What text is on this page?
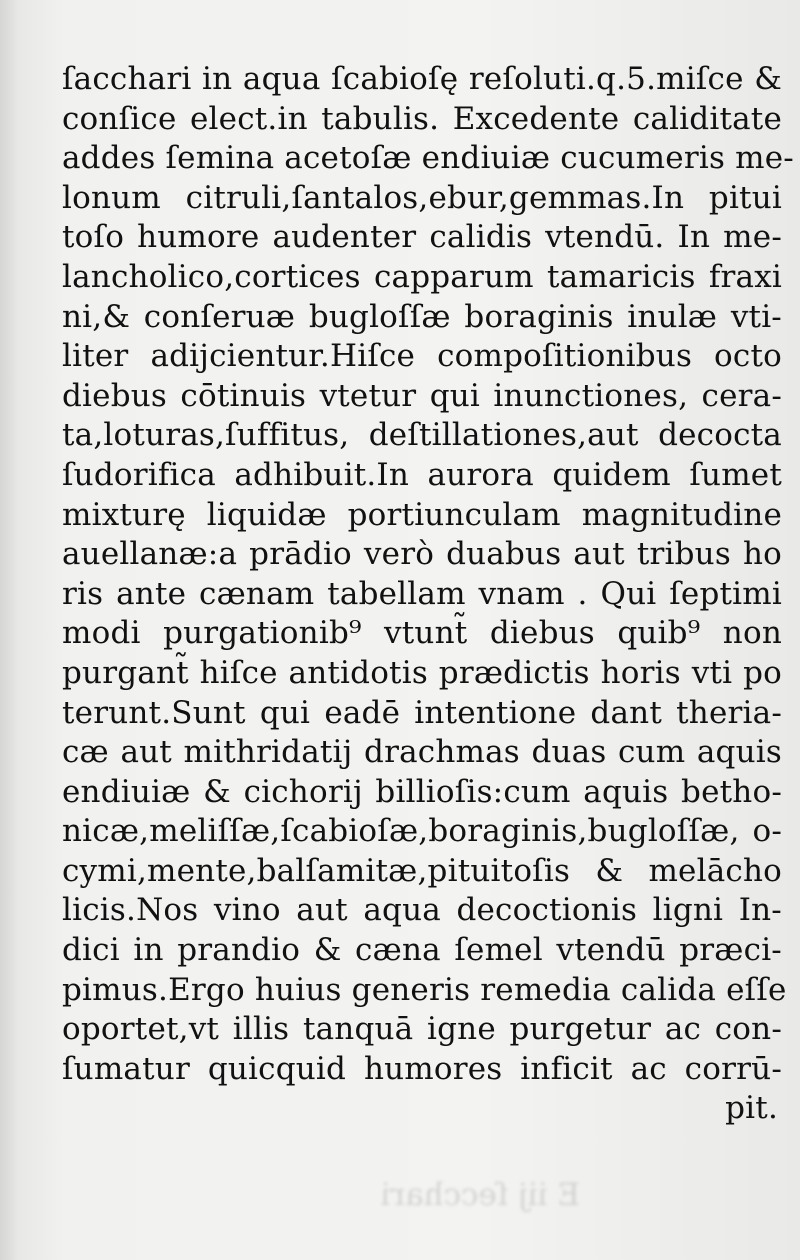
ſacchari in aqua ſcabioſę reſoluti.q.5.miſce &
conſice elect.in tabulis. Excedente caliditate
addes ſemina acetoſæ endiuiæ cucumeris me-
lonum citruli,ſantalos,ebur,gemmas.In pitui
toſo humore audenter calidis vtendū. In me-
lancholico,cortices capparum tamaricis fraxi
ni,& conſeruæ bugloſſæ boraginis inulæ vti-
liter adijcientur.Hiſce compoſitionibus octo
diebus cōtinuis vtetur qui inunctiones, cera-
ta,loturas,ſuffitus, deſtillationes,aut decocta
ſudorifica adhibuit.In aurora quidem ſumet
mixturę liquidæ portiunculam magnitudine
auellanæ:a prādio verò duabus aut tribus ho
ris ante cænam tabellam vnam . Qui ſeptimi
modi purgationib⁹ vtunt̃ diebus quib⁹ non
purgant̃ hiſce antidotis prædictis horis vti po
terunt.Sunt qui eadē intentione dant theria-
cæ aut mithridatij drachmas duas cum aquis
endiuiæ & cichorij billioſis:cum aquis betho-
nicæ,meliſſæ,ſcabioſæ,boraginis,bugloſſæ, o-
cymi,mente,balſamitæ,pituitoſis & melācho
licis.Nos vino aut aqua decoctionis ligni In-
dici in prandio & cæna ſemel vtendū præci-
pimus.Ergo huius generis remedia calida eſſe
oportet,vt illis tanquā igne purgetur ac con-
ſumatur quicquid humores inficit ac corrū-
pit.
E iij ſecchari
